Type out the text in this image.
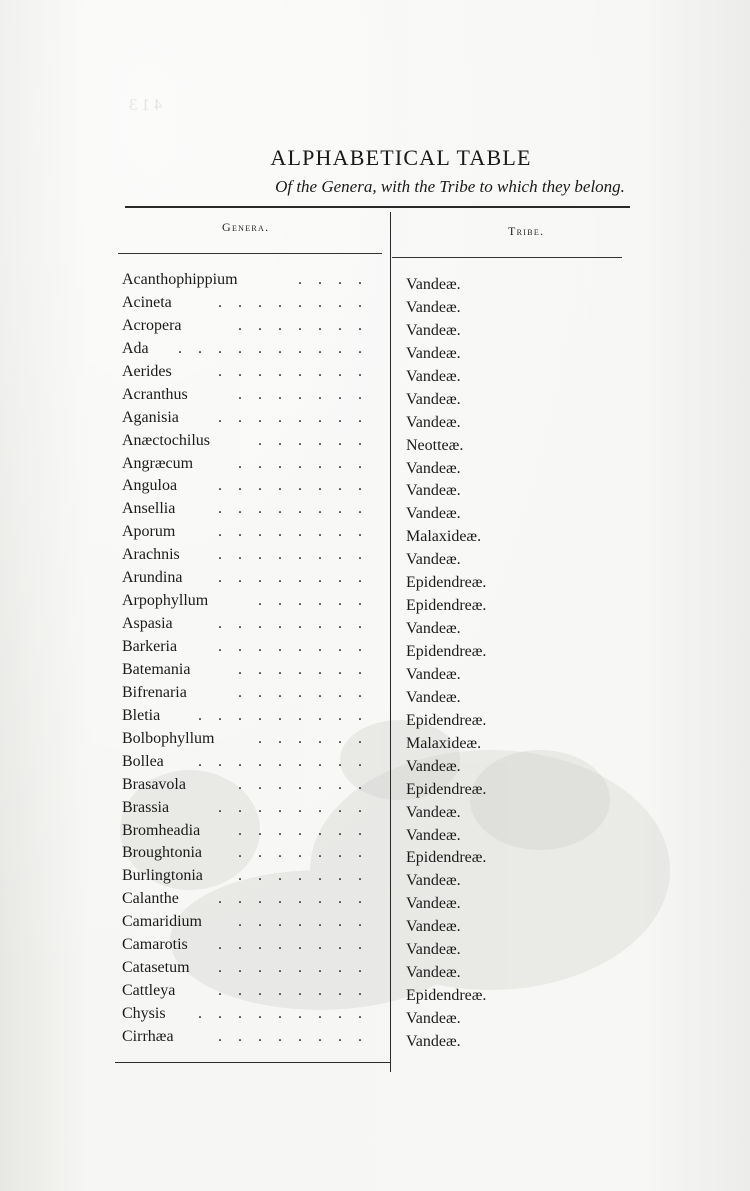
413
ALPHABETICAL TABLE
Of the Genera, with the Tribe to which they belong.
Genera.	Tribe.
Acanthophippium	. . . . Vandeæ.
Acineta	. . . . . . . . Vandeæ.
Acropera	. . . . . . . Vandeæ.
Ada . . . . . . . . . . Vandeæ.
Aerides	. . . . . . . . Vandeæ.
Acranthus	. . . . . . . Vandeæ.
Aganisia . . . . . . . . Vandeæ.
Anæctochilus	. . . . . . Neotteæ.
Angræcum	. . . . . . . Vandeæ.
Anguloa	. . . . . . . . Vandeæ.
Ansellia	. . . . . . . . Vandeæ.
Aporum	. . . . . . . . Malaxideæ.
Arachnis . . . . . . . . Vandeæ.
Arundina . . . . . . . . Epidendreæ.
Arpophyllum	. . . . . . Epidendreæ.
Aspasia	. . . . . . . . Vandeæ.
Barkeria	. . . . . . . . Epidendreæ.
Batemania	. . . . . . . Vandeæ.
Bifrenaria	. . . . . . . Vandeæ.
Bletia . . . . . . . . . Epidendreæ.
Bolbophyllum	. . . . . . Malaxideæ.
Bollea . . . . . . . . . Vandeæ.
Brasavola	. . . . . . . Epidendreæ.
Brassia	. . . . . . . . Vandeæ.
Bromheadia . . . . . . . Vandeæ.
Broughtonia . . . . . . . Epidendreæ.
Burlingtonia . . . . . . . Vandeæ.
Calanthe . . . . . . . . Vandeæ.
Camaridium . . . . . . . Vandeæ.
Camarotis . . . . . . . . Vandeæ.
Catasetum . . . . . . . . Vandeæ.
Cattleya	. . . . . . . . Epidendreæ.
Chysis . . . . . . . . . Vandeæ.
Cirrhæa	. . . . . . . . Vandeæ.
